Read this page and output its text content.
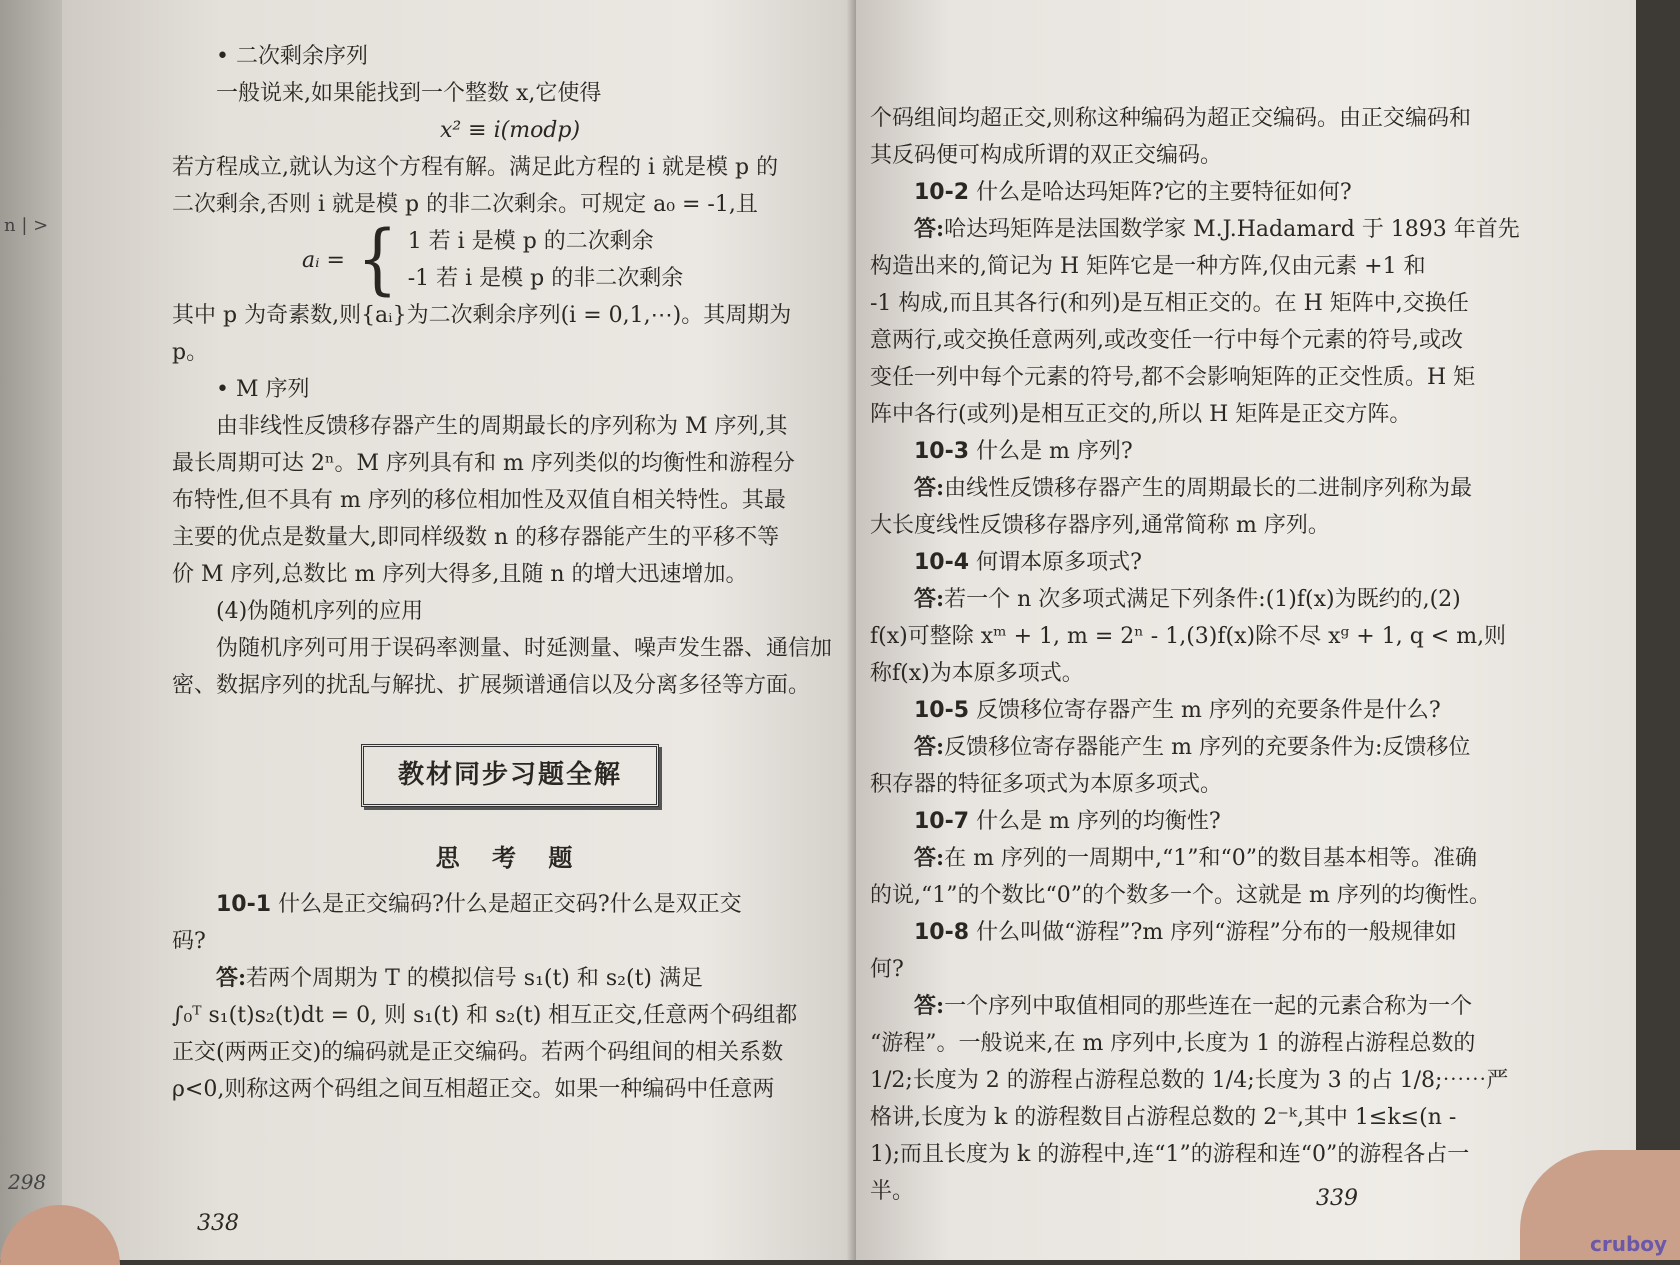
n | >
298

• 二次剩余序列

一般说来,如果能找到一个整数 x,它使得

x² ≡ i(modp)

若方程成立,就认为这个方程有解。满足此方程的 i 就是模 p 的

二次剩余,否则 i 就是模 p 的非二次剩余。可规定 a₀ = -1,且

aᵢ = { 1 若 i 是模 p 的二次剩余
-1 若 i 是模 p 的非二次剩余

其中 p 为奇素数,则{aᵢ}为二次剩余序列(i = 0,1,⋯)。其周期为

p。

• M 序列

由非线性反馈移存器产生的周期最长的序列称为 M 序列,其

最长周期可达 2ⁿ。M 序列具有和 m 序列类似的均衡性和游程分

布特性,但不具有 m 序列的移位相加性及双值自相关特性。其最

主要的优点是数量大,即同样级数 n 的移存器能产生的平移不等

价 M 序列,总数比 m 序列大得多,且随 n 的增大迅速增加。

(4)伪随机序列的应用

伪随机序列可用于误码率测量、时延测量、噪声发生器、通信加

密、数据序列的扰乱与解扰、扩展频谱通信以及分离多径等方面。

教材同步习题全解

思 考 题

10-1 什么是正交编码?什么是超正交码?什么是双正交

码?

答:若两个周期为 T 的模拟信号 s₁(t) 和 s₂(t) 满足

∫₀ᵀ s₁(t)s₂(t)dt = 0, 则 s₁(t) 和 s₂(t) 相互正交,任意两个码组都

正交(两两正交)的编码就是正交编码。若两个码组间的相关系数

ρ<0,则称这两个码组之间互相超正交。如果一种编码中任意两

338

个码组间均超正交,则称这种编码为超正交编码。由正交编码和

其反码便可构成所谓的双正交编码。

10-2 什么是哈达玛矩阵?它的主要特征如何?

答:哈达玛矩阵是法国数学家 M.J.Hadamard 于 1893 年首先

构造出来的,简记为 H 矩阵它是一种方阵,仅由元素 +1 和

-1 构成,而且其各行(和列)是互相正交的。在 H 矩阵中,交换任

意两行,或交换任意两列,或改变任一行中每个元素的符号,或改

变任一列中每个元素的符号,都不会影响矩阵的正交性质。H 矩

阵中各行(或列)是相互正交的,所以 H 矩阵是正交方阵。

10-3 什么是 m 序列?

答:由线性反馈移存器产生的周期最长的二进制序列称为最

大长度线性反馈移存器序列,通常简称 m 序列。

10-4 何谓本原多项式?

答:若一个 n 次多项式满足下列条件:(1)f(x)为既约的,(2)

f(x)可整除 xᵐ + 1, m = 2ⁿ - 1,(3)f(x)除不尽 xᵍ + 1, q < m,则

称f(x)为本原多项式。

10-5 反馈移位寄存器产生 m 序列的充要条件是什么?

答:反馈移位寄存器能产生 m 序列的充要条件为:反馈移位

积存器的特征多项式为本原多项式。

10-7 什么是 m 序列的均衡性?

答:在 m 序列的一周期中,“1”和“0”的数目基本相等。准确

的说,“1”的个数比“0”的个数多一个。这就是 m 序列的均衡性。

10-8 什么叫做“游程”?m 序列“游程”分布的一般规律如

何?

答:一个序列中取值相同的那些连在一起的元素合称为一个

“游程”。一般说来,在 m 序列中,长度为 1 的游程占游程总数的

1/2;长度为 2 的游程占游程总数的 1/4;长度为 3 的占 1/8;⋯⋯严

格讲,长度为 k 的游程数目占游程总数的 2⁻ᵏ,其中 1≤k≤(n -

1);而且长度为 k 的游程中,连“1”的游程和连“0”的游程各占一

半。	339
cruboy
